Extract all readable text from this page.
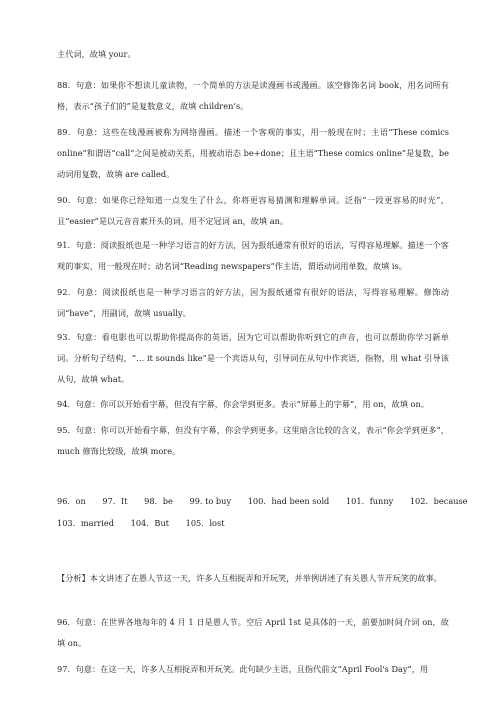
主代词，故填 your。

88．句意：如果你不想读儿童读物，一个简单的方法是读漫画书或漫画。该空修饰名词 book，用名词所有格，表示“孩子们的”是复数意义，故填 children’s。

89．句意：这些在线漫画被称为网络漫画。描述一个客观的事实，用一般现在时；主语“These comics online”和谓语“call”之间是被动关系，用被动语态 be+done；且主语“These comics online”是复数，be 动词用复数，故填 are called。

90．句意：如果你已经知道一点发生了什么，你将更容易猜测和理解单词。泛指“一段更容易的时光”，且“easier”是以元音音素开头的词，用不定冠词 an，故填 an。

91．句意：阅读报纸也是一种学习语言的好方法，因为报纸通常有很好的语法，写得容易理解。描述一个客观的事实，用一般现在时；动名词“Reading newspapers”作主语，谓语动词用单数，故填 is。

92．句意：阅读报纸也是一种学习语言的好方法，因为报纸通常有很好的语法，写得容易理解。修饰动词“have”，用副词，故填 usually。

93．句意：看电影也可以帮助你提高你的英语，因为它可以帮助你听到它的声音，也可以帮助你学习新单词。分析句子结构，“… it sounds like”是一个宾语从句，引导词在从句中作宾语，指物，用 what 引导该从句，故填 what。

94．句意：你可以开始看字幕，但没有字幕，你会学到更多。表示“屏幕上的字幕”，用 on，故填 on。

95．句意：你可以开始看字幕，但没有字幕，你会学到更多。这里暗含比较的含义，表示“你会学到更多”，much 修饰比较级，故填 more。

96．on 97．It 98．be 99. to buy 100．had been sold 101．funny 102．because
103．married 104．But 105．lost

【分析】本文讲述了在愚人节这一天，许多人互相捉弄和开玩笑，并举例讲述了有关愚人节开玩笑的故事。

96．句意：在世界各地每年的 4 月 1 日是愚人节。空后 April 1st 是具体的一天，前要加时间介词 on，故填 on。

97．句意：在这一天，许多人互相捉弄和开玩笑。此句缺少主语，且指代前文“April Fool's Day”，用
